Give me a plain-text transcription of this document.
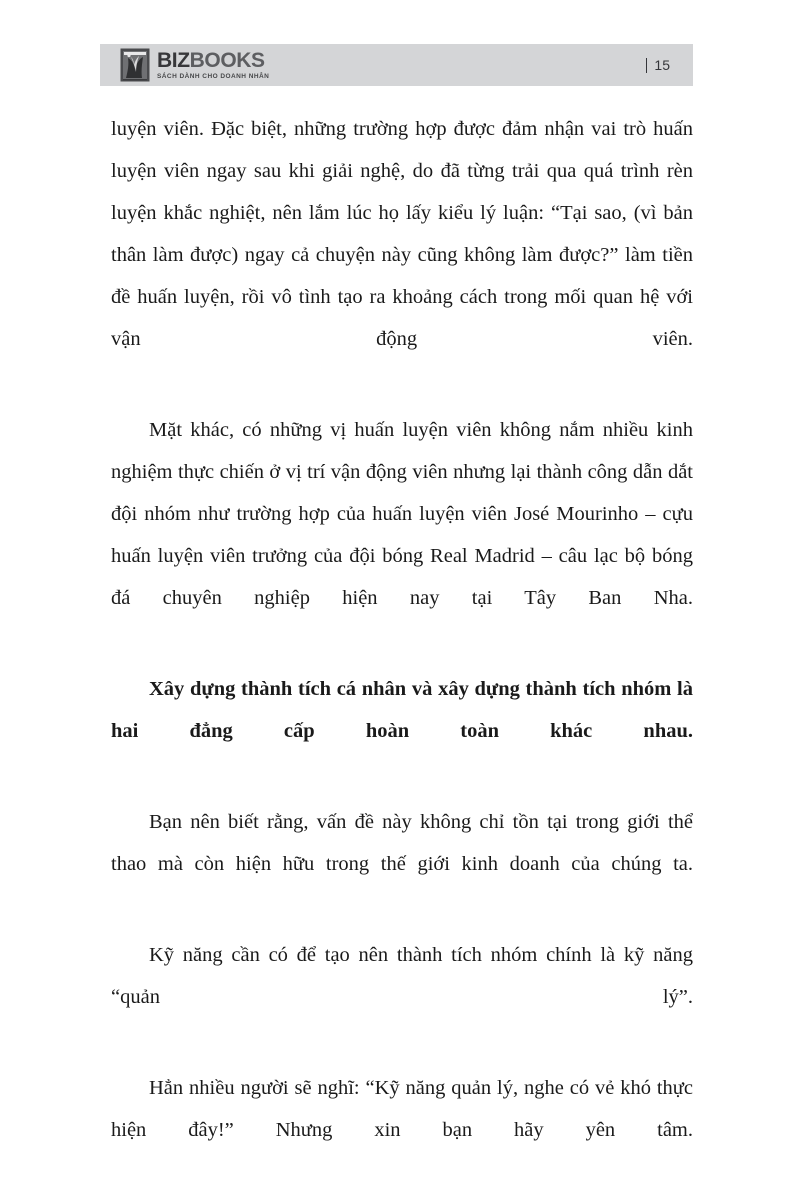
BIZ BOOKS
SÁCH DÀNH CHO DOANH NHÂN
15

luyện viên. Đặc biệt, những trường hợp được đảm nhận vai trò huấn luyện viên ngay sau khi giải nghệ, do đã từng trải qua quá trình rèn luyện khắc nghiệt, nên lắm lúc họ lấy kiểu lý luận: “Tại sao, (vì bản thân làm được) ngay cả chuyện này cũng không làm được?” làm tiền đề huấn luyện, rồi vô tình tạo ra khoảng cách trong mối quan hệ với vận động viên.

Mặt khác, có những vị huấn luyện viên không nắm nhiều kinh nghiệm thực chiến ở vị trí vận động viên nhưng lại thành công dẫn dắt đội nhóm như trường hợp của huấn luyện viên José Mourinho – cựu huấn luyện viên trưởng của đội bóng Real Madrid – câu lạc bộ bóng đá chuyên nghiệp hiện nay tại Tây Ban Nha.

Xây dựng thành tích cá nhân và xây dựng thành tích nhóm là hai đẳng cấp hoàn toàn khác nhau.

Bạn nên biết rằng, vấn đề này không chỉ tồn tại trong giới thể thao mà còn hiện hữu trong thế giới kinh doanh của chúng ta.

Kỹ năng cần có để tạo nên thành tích nhóm chính là kỹ năng “quản lý”.

Hẳn nhiều người sẽ nghĩ: “Kỹ năng quản lý, nghe có vẻ khó thực hiện đây!” Nhưng xin bạn hãy yên tâm.
